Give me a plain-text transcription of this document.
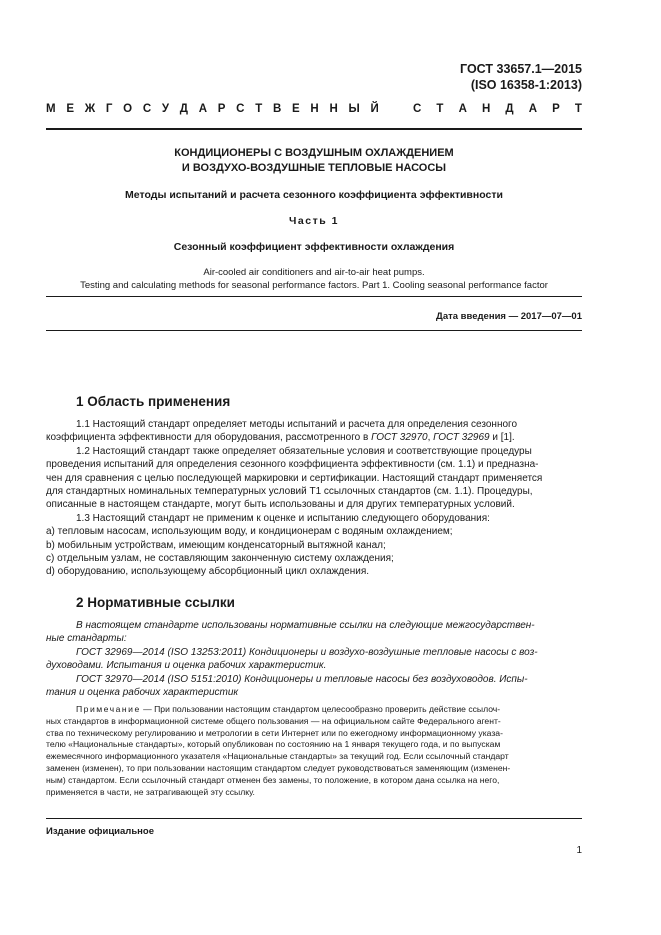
ГОСТ 33657.1—2015
(ISO 16358-1:2013)
М Е Ж Г О С У Д А Р С Т В Е Н Н Ы Й	С Т А Н Д А Р Т
КОНДИЦИОНЕРЫ С ВОЗДУШНЫМ ОХЛАЖДЕНИЕМ
И ВОЗДУХО-ВОЗДУШНЫЕ ТЕПЛОВЫЕ НАСОСЫ
Методы испытаний и расчета сезонного коэффициента эффективности
Часть 1
Сезонный коэффициент эффективности охлаждения
Air-cooled air conditioners and air-to-air heat pumps.
Testing and calculating methods for seasonal performance factors. Part 1. Cooling seasonal performance factor
Дата введения — 2017—07—01
1 Область применения

1.1 Настоящий стандарт определяет методы испытаний и расчета для определения сезонного

коэффициента эффективности для оборудования, рассмотренного в ГОСТ 32970, ГОСТ 32969 и [1].

1.2 Настоящий стандарт также определяет обязательные условия и соответствующие процедуры

проведения испытаний для определения сезонного коэффициента эффективности (см. 1.1) и предназна-

чен для сравнения с целью последующей маркировки и сертификации. Настоящий стандарт применяется

для стандартных номинальных температурных условий Т1 ссылочных стандартов (см. 1.1). Процедуры,

описанные в настоящем стандарте, могут быть использованы и для других температурных условий.

1.3 Настоящий стандарт не применим к оценке и испытанию следующего оборудования:

a) тепловым насосам, использующим воду, и кондиционерам с водяным охлаждением;

b) мобильным устройствам, имеющим конденсаторный вытяжной канал;

c) отдельным узлам, не составляющим законченную систему охлаждения;

d) оборудованию, использующему абсорбционный цикл охлаждения.

2 Нормативные ссылки

В настоящем стандарте использованы нормативные ссылки на следующие межгосударствен-

ные стандарты:

ГОСТ 32969—2014 (ISO 13253:2011) Кондиционеры и воздухо-воздушные тепловые насосы с воз-

духоводами. Испытания и оценка рабочих характеристик.

ГОСТ 32970—2014 (ISO 5151:2010) Кондиционеры и тепловые насосы без воздуховодов. Испы-

тания и оценка рабочих характеристик

Примечание — При пользовании настоящим стандартом целесообразно проверить действие ссылоч-

ных стандартов в информационной системе общего пользования — на официальном сайте Федерального агент-

ства по техническому регулированию и метрологии в сети Интернет или по ежегодному информационному указа-

телю «Национальные стандарты», который опубликован по состоянию на 1 января текущего года, и по выпускам

ежемесячного информационного указателя «Национальные стандарты» за текущий год. Если ссылочный стандарт

заменен (изменен), то при пользовании настоящим стандартом следует руководствоваться заменяющим (изменен-

ным) стандартом. Если ссылочный стандарт отменен без замены, то положение, в котором дана ссылка на него,

применяется в части, не затрагивающей эту ссылку.

Издание официальное
1
